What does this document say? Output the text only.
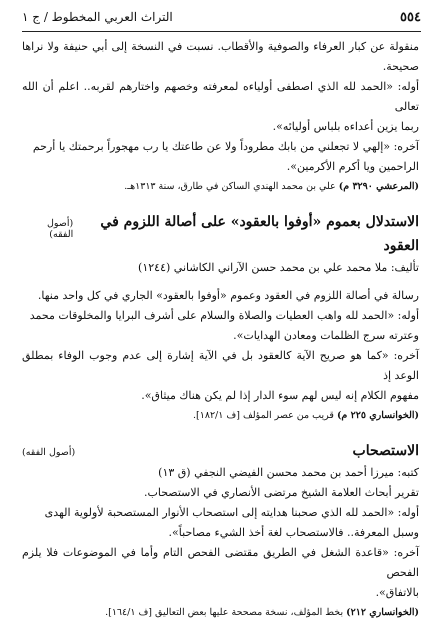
٥٥٤
التراث العربي المخطوط / ج ١

منقولة عن كبار العرفاء والصوفية والأقطاب. نسبت في النسخة إلى أبي حنيفة ولا نراها صحيحة.

أوله: «الحمد لله الذي اصطفى أولياءه لمعرفته وخصهم واختارهم لقربه.. اعلم أن الله تعالى

ربما يزين أعداءه بلباس أوليائه».

آخره: «إلهي لا تجعلني من بابك مطروداً ولا عن طاعتك يا رب مهجوراً برحمتك يا أرحم

الراحمين ويا أكرم الأكرمين».

(المرعشي ٣٢٩٠ م) علي بن محمد الهندي الساكن في طارق، سنة ١٣١٣هـ.

الاستدلال بعموم «أوفوا بالعقود» على أصالة اللزوم في العقود
(أصول الفقه)

تأليف: ملا محمد علي بن محمد حسن الآراني الكاشاني (١٢٤٤)

رسالة في أصالة اللزوم في العقود وعموم «أوفوا بالعقود» الجاري في كل واحد منها.

أوله: «الحمد لله واهب العطيات والصلاة والسلام على أشرف البرايا والمخلوقات محمد

وعترته سرج الظلمات ومعادن الهدايات».

آخره: «كما هو صريح الآية كالعقود بل في الآية إشارة إلى عدم وجوب الوفاء بمطلق الوعد إذ

مفهوم الكلام إنه ليس لهم سوء الدار إذا لم يكن هناك ميثاق».

(الخوانساري ٢٢٥ م) قريب من عصر المؤلف [ف ١٨٢/١].

الاستصحاب
(أصول الفقه)

كتبه: ميرزا أحمد بن محمد محسن الفيضي النجفي (ق ١٣)

تقرير أبحاث العلامة الشيخ مرتضى الأنصاري في الاستصحاب.

أوله: «الحمد لله الذي صحبنا هدايته إلى استصحاب الأنوار المستصحبة لأولوية الهدى

وسبل المعرفة.. فالاستصحاب لغة أخذ الشيء مصاحباً».

آخره: «قاعدة الشغل في الطريق مقتضى الفحص التام وأما في الموضوعات فلا يلزم الفحص

بالاتفاق».

(الخوانساري ٢١٢) بخط المؤلف، نسخة مصححة عليها بعض التعاليق [ف ١٦٤/١].
